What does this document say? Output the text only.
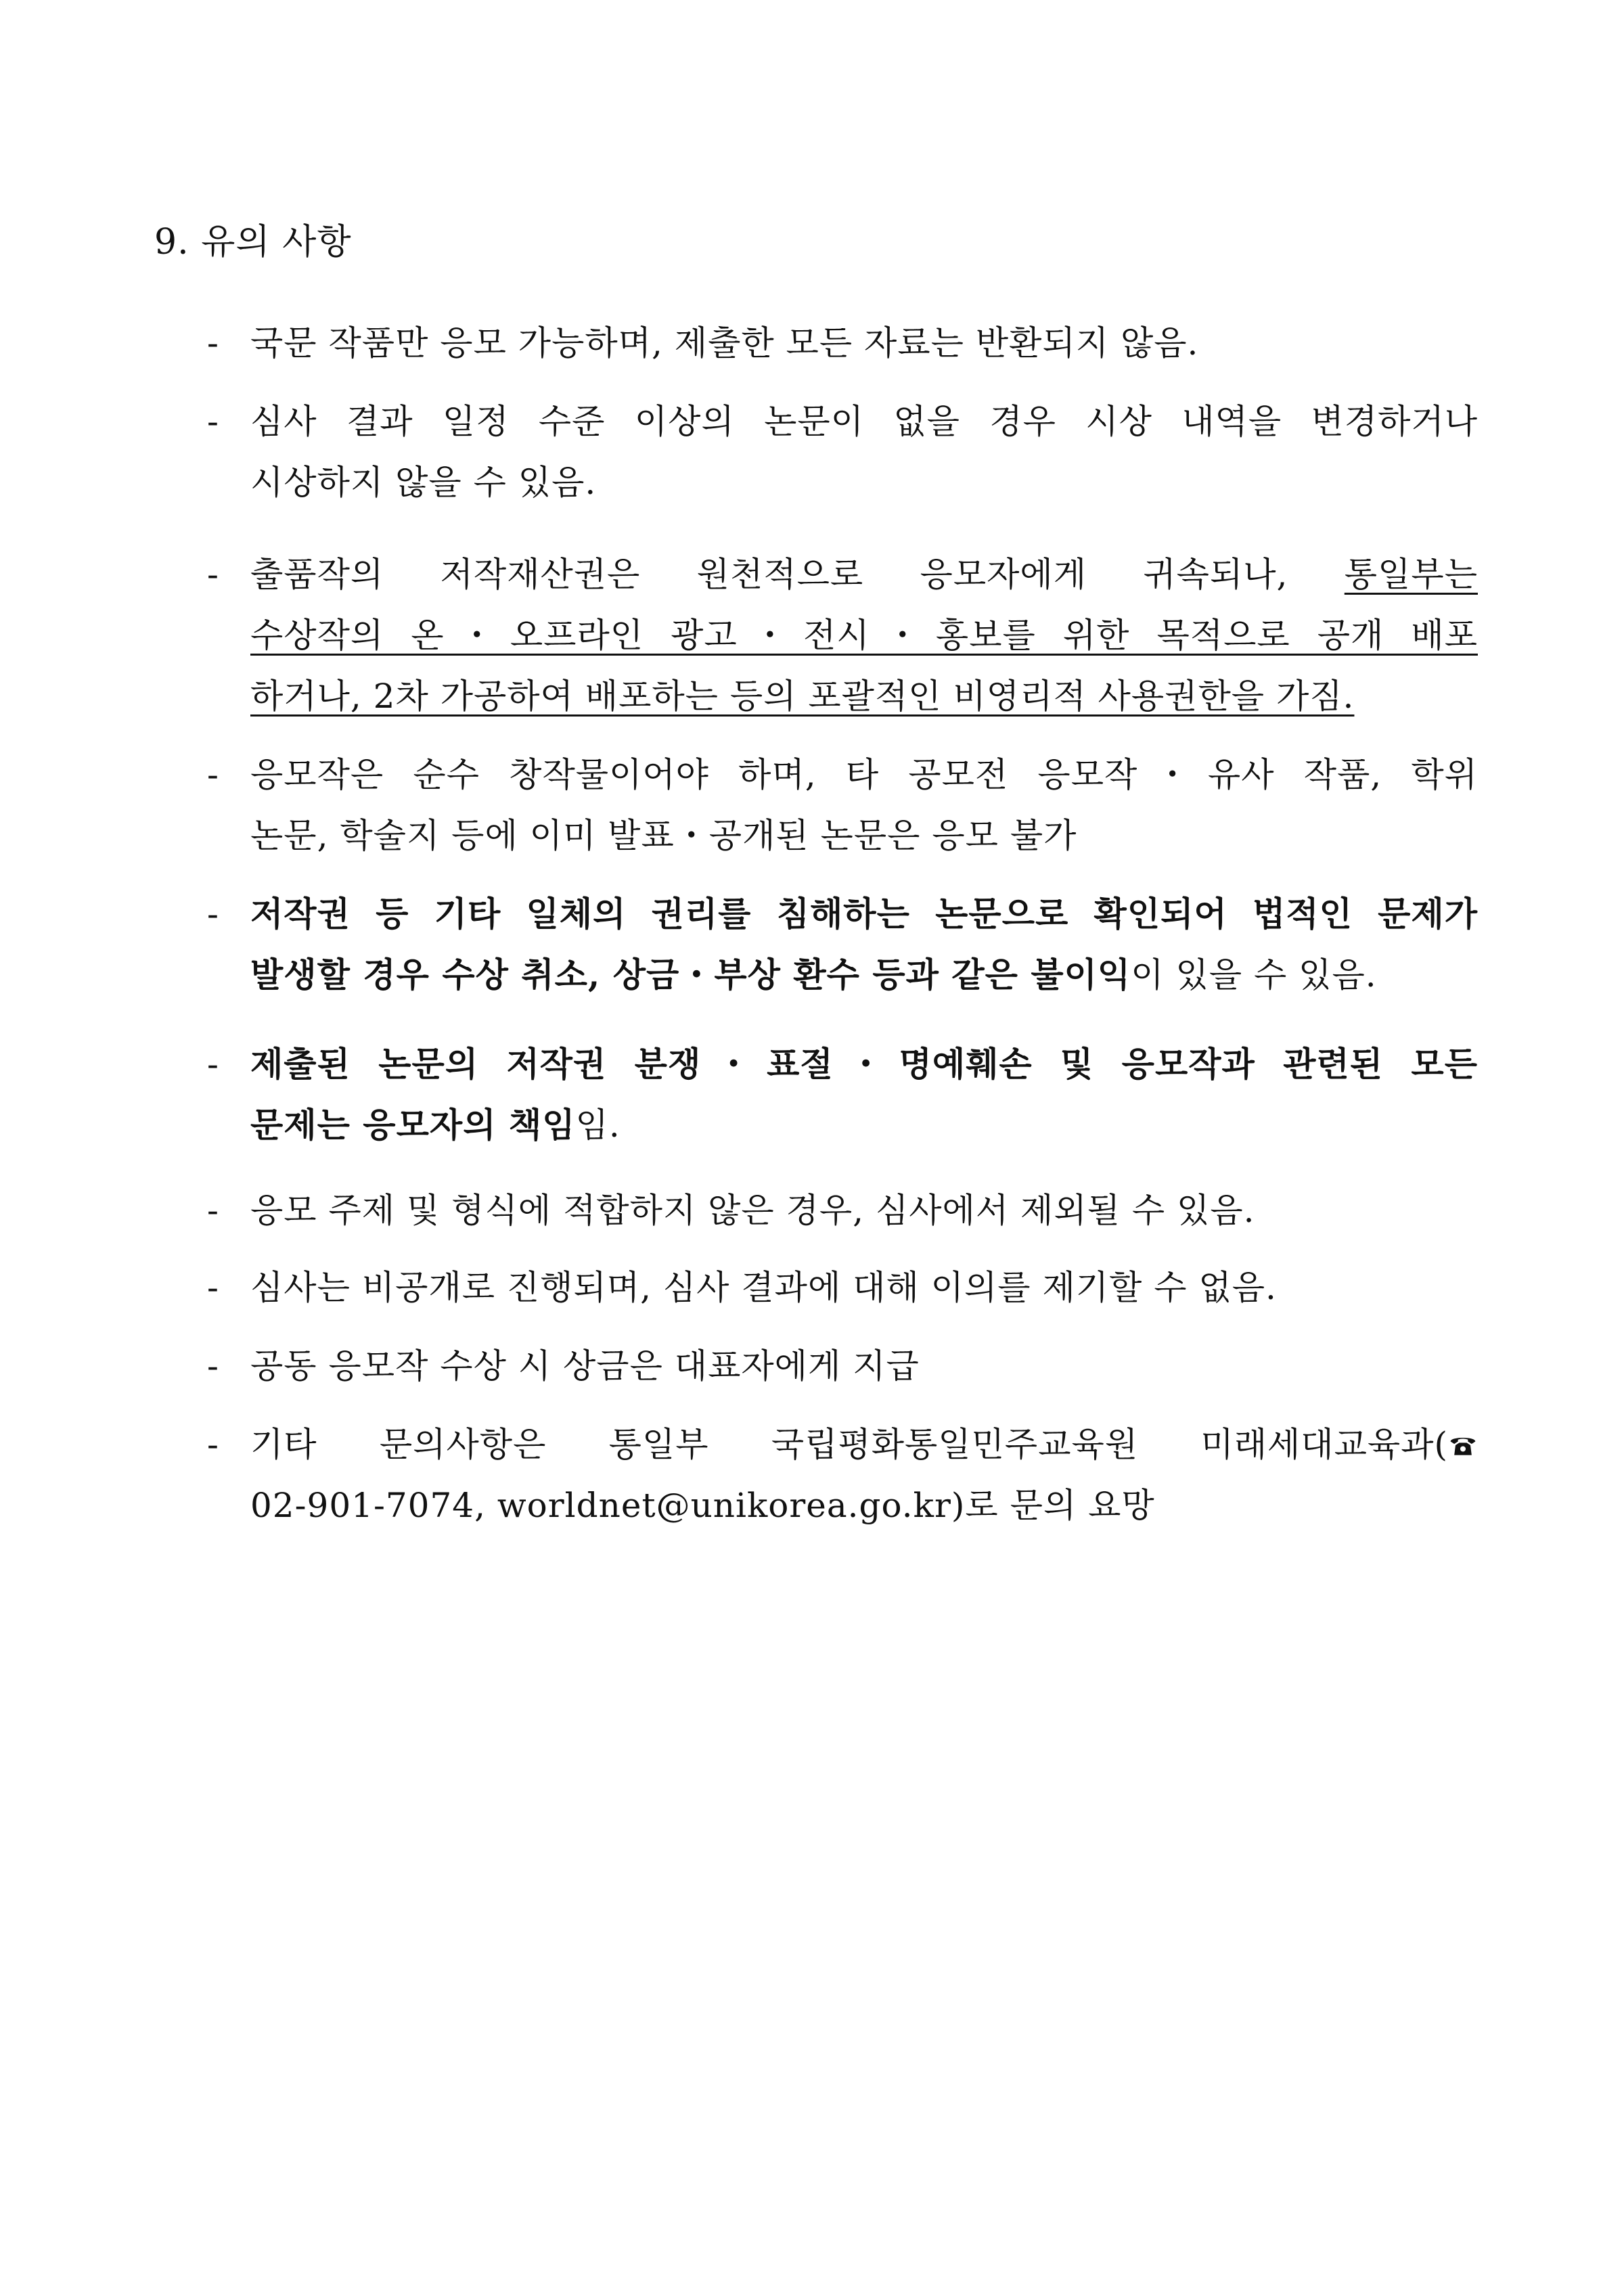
9. 유의 사항
- 국문 작품만 응모 가능하며, 제출한 모든 자료는 반환되지 않음.
- 심사 결과 일정 수준 이상의 논문이 없을 경우 시상 내역을 변경하거나
시상하지 않을 수 있음.
- 출품작의 저작재산권은 원천적으로 응모자에게 귀속되나, 통일부는
수상작의 온・오프라인 광고・전시・홍보를 위한 목적으로 공개 배포
하거나, 2차 가공하여 배포하는 등의 포괄적인 비영리적 사용권한을 가짐.
- 응모작은 순수 창작물이어야 하며, 타 공모전 응모작・유사 작품, 학위
논문, 학술지 등에 이미 발표・공개된 논문은 응모 불가
- 저작권 등 기타 일체의 권리를 침해하는 논문으로 확인되어 법적인 문제가
발생할 경우 수상 취소, 상금・부상 환수 등과 같은 불이익이 있을 수 있음.
- 제출된 논문의 저작권 분쟁・표절・명예훼손 및 응모작과 관련된 모든
문제는 응모자의 책임임.
- 응모 주제 및 형식에 적합하지 않은 경우, 심사에서 제외될 수 있음.
- 심사는 비공개로 진행되며, 심사 결과에 대해 이의를 제기할 수 없음.
- 공동 응모작 수상 시 상금은 대표자에게 지급
- 기타 문의사항은 통일부 국립평화통일민주교육원 미래세대교육과(
02-901-7074, worldnet@unikorea.go.kr)로 문의 요망
